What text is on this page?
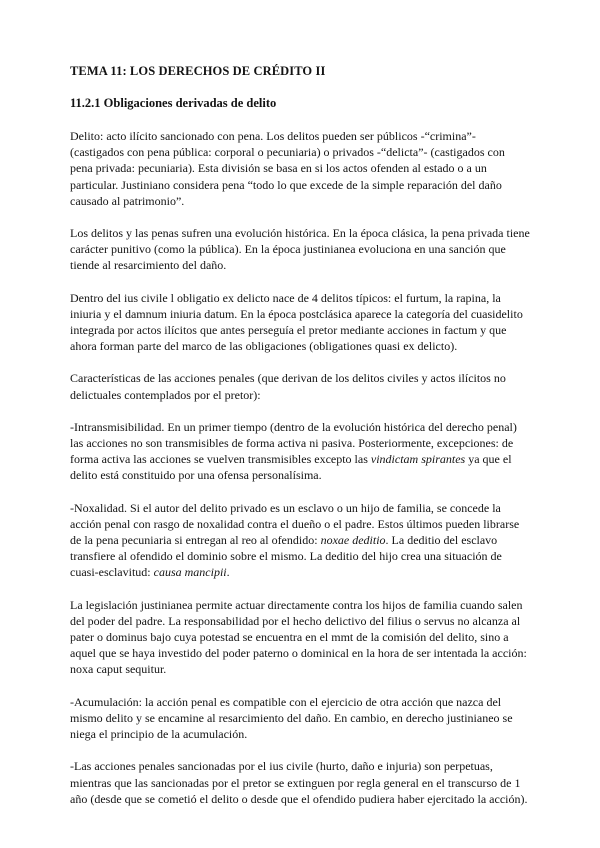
TEMA 11: LOS DERECHOS DE CRÉDITO II
11.2.1 Obligaciones derivadas de delito

Delito: acto ilícito sancionado con pena. Los delitos pueden ser públicos -“crimina”- (castigados con pena pública: corporal o pecuniaria) o privados -“delicta”- (castigados con pena privada: pecuniaria). Esta división se basa en si los actos ofenden al estado o a un particular. Justiniano considera pena “todo lo que excede de la simple reparación del daño causado al patrimonio”.

Los delitos y las penas sufren una evolución histórica. En la época clásica, la pena privada tiene carácter punitivo (como la pública). En la época justinianea evoluciona en una sanción que tiende al resarcimiento del daño.

Dentro del ius civile l obligatio ex delicto nace de 4 delitos típicos: el furtum, la rapina, la iniuria y el damnum iniuria datum. En la época postclásica aparece la categoría del cuasidelito integrada por actos ilícitos que antes perseguía el pretor mediante acciones in factum y que ahora forman parte del marco de las obligaciones (obligationes quasi ex delicto).

Características de las acciones penales (que derivan de los delitos civiles y actos ilícitos no delictuales contemplados por el pretor):

-Intransmisibilidad. En un primer tiempo (dentro de la evolución histórica del derecho penal) las acciones no son transmisibles de forma activa ni pasiva. Posteriormente, excepciones: de forma activa las acciones se vuelven transmisibles excepto las vindictam spirantes ya que el delito está constituido por una ofensa personalísima.

-Noxalidad. Si el autor del delito privado es un esclavo o un hijo de familia, se concede la acción penal con rasgo de noxalidad contra el dueño o el padre. Estos últimos pueden librarse de la pena pecuniaria si entregan al reo al ofendido: noxae deditio. La deditio del esclavo transfiere al ofendido el dominio sobre el mismo. La deditio del hijo crea una situación de cuasi-esclavitud: causa mancipii.

La legislación justinianea permite actuar directamente contra los hijos de familia cuando salen del poder del padre. La responsabilidad por el hecho delictivo del filius o servus no alcanza al pater o dominus bajo cuya potestad se encuentra en el mmt de la comisión del delito, sino a aquel que se haya investido del poder paterno o dominical en la hora de ser intentada la acción: noxa caput sequitur.

-Acumulación: la acción penal es compatible con el ejercicio de otra acción que nazca del mismo delito y se encamine al resarcimiento del daño. En cambio, en derecho justinianeo se niega el principio de la acumulación.

-Las acciones penales sancionadas por el ius civile (hurto, daño e injuria) son perpetuas, mientras que las sancionadas por el pretor se extinguen por regla general en el transcurso de 1 año (desde que se cometió el delito o desde que el ofendido pudiera haber ejercitado la acción).
